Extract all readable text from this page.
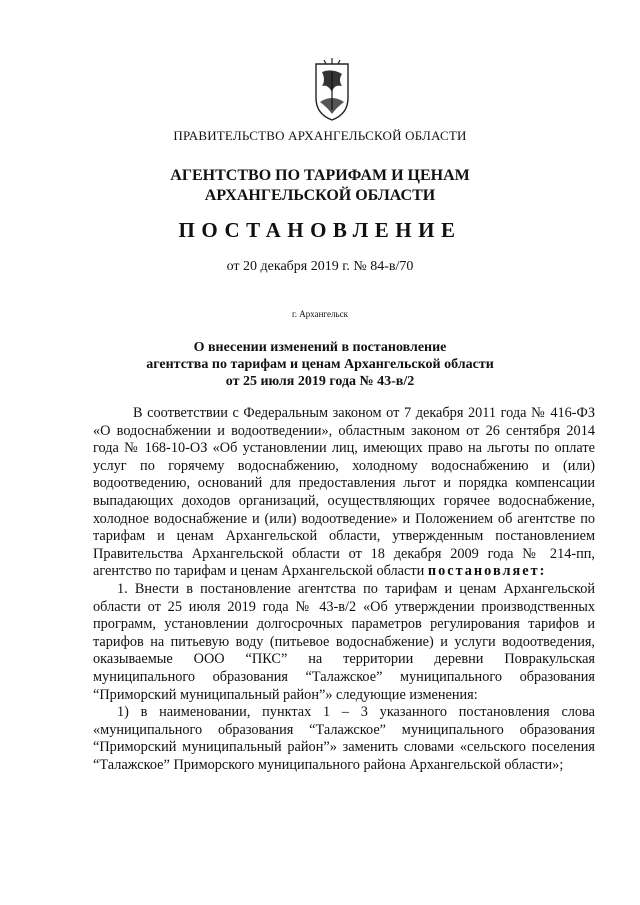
ПРАВИТЕЛЬСТВО АРХАНГЕЛЬСКОЙ ОБЛАСТИ
АГЕНТСТВО ПО ТАРИФАМ И ЦЕНАМ
АРХАНГЕЛЬСКОЙ ОБЛАСТИ
ПОСТАНОВЛЕНИЕ
от 20 декабря 2019 г. № 84-в/70
г. Архангельск
О внесении изменений в постановление
агентства по тарифам и ценам Архангельской области
от 25 июля 2019 года № 43-в/2

В соответствии с Федеральным законом от 7 декабря 2011 года № 416-ФЗ «О водоснабжении и водоотведении», областным законом от 26 сентября 2014 года № 168-10-ОЗ «Об установлении лиц, имеющих право на льготы по оплате услуг по горячему водоснабжению, холодному водоснабжению и (или) водоотведению, оснований для предоставления льгот и порядка компенсации выпадающих доходов организаций, осуществляющих горячее водоснабжение, холодное водоснабжение и (или) водоотведение» и Положением об агентстве по тарифам и ценам Архангельской области, утвержденным постановлением Правительства Архангельской области от 18 декабря 2009 года № 214-пп, агентство по тарифам и ценам Архангельской области постановляет:

1. Внести в постановление агентства по тарифам и ценам Архангельской области от 25 июля 2019 года № 43-в/2 «Об утверждении производственных программ, установлении долгосрочных параметров регулирования тарифов и тарифов на питьевую воду (питьевое водоснабжение) и услуги водоотведения, оказываемые ООО “ПКС” на территории деревни Повракульская муниципального образования “Талажское” муниципального образования “Приморский муниципальный район”» следующие изменения:

1) в наименовании, пунктах 1 – 3 указанного постановления слова «муниципального образования “Талажское” муниципального образования “Приморский муниципальный район”» заменить словами «сельского поселения “Талажское” Приморского муниципального района Архангельской области»;
